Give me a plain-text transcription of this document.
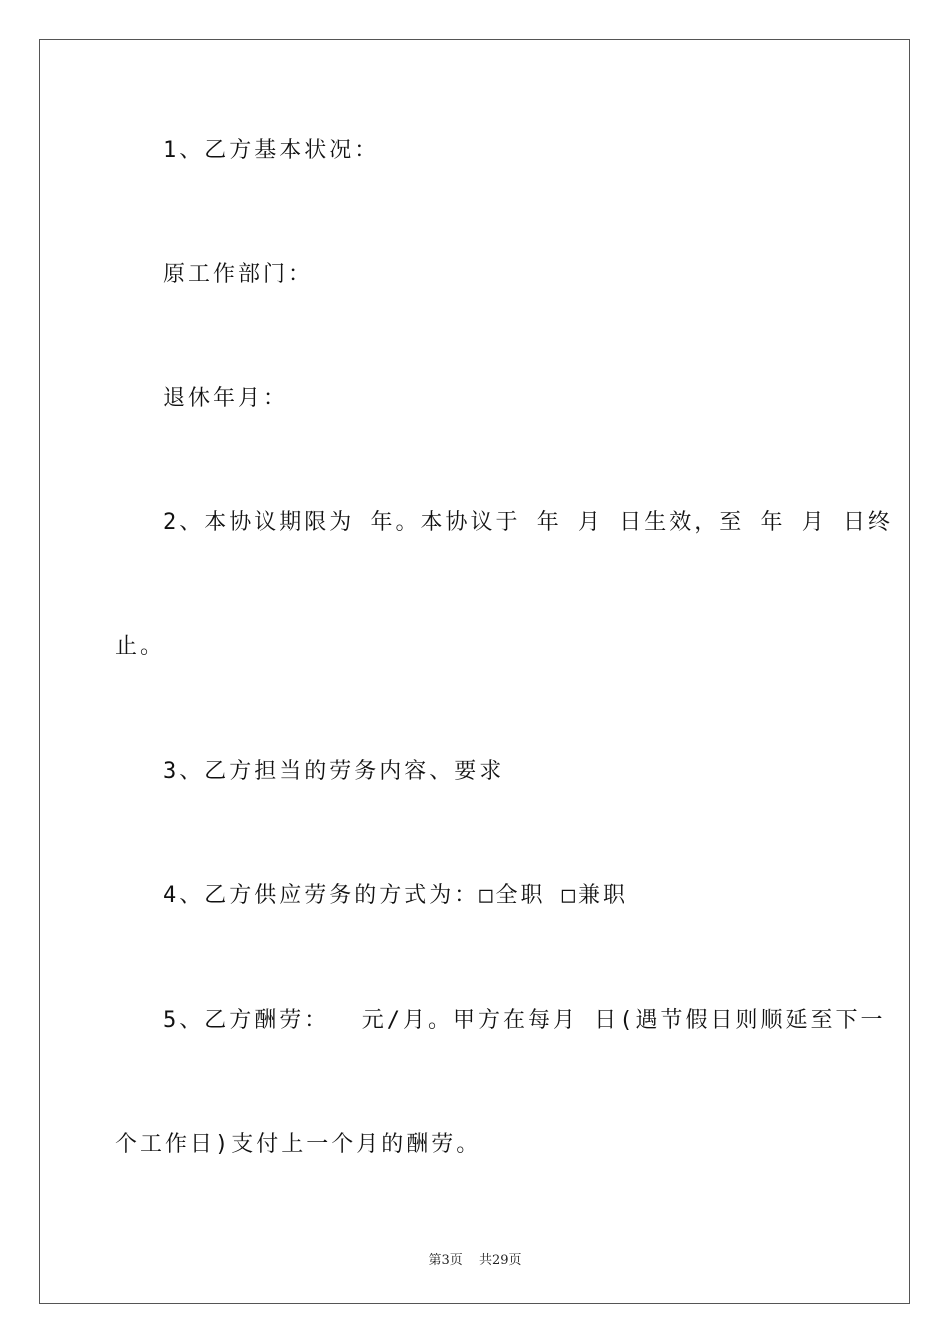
1、乙方基本状况：
原工作部门：
退休年月：
2、本协议期限为 年。本协议于 年 月 日生效，至 年 月 日终
止。
3、乙方担当的劳务内容、要求
4、乙方供应劳务的方式为：□全职 □兼职
5、乙方酬劳：  元/月。甲方在每月 日(遇节假日则顺延至下一
个工作日)支付上一个月的酬劳。
第3页 共29页
